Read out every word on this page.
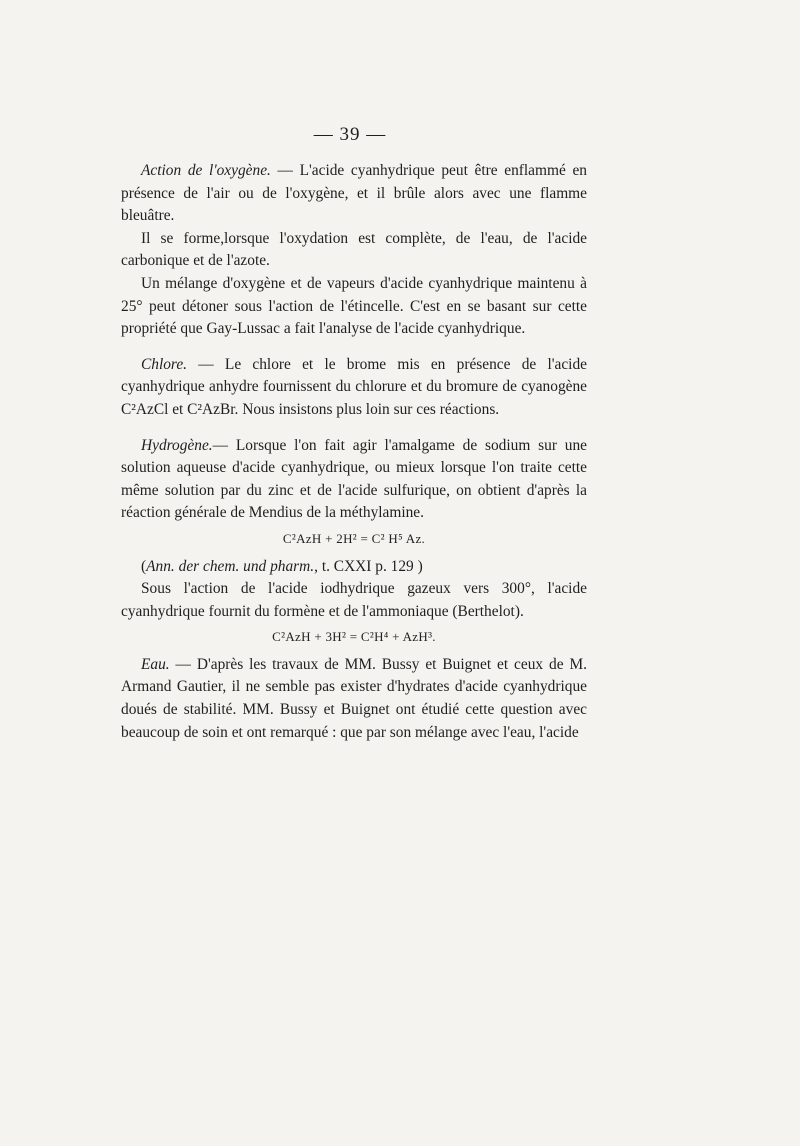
— 39 —

Action de l'oxygène. — L'acide cyanhydrique peut être enflammé en présence de l'air ou de l'oxygène, et il brûle alors avec une flamme bleuâtre.

Il se forme,lorsque l'oxydation est complète, de l'eau, de l'acide carbonique et de l'azote.

Un mélange d'oxygène et de vapeurs d'acide cyanhydrique maintenu à 25° peut détoner sous l'action de l'étincelle. C'est en se basant sur cette propriété que Gay-Lussac a fait l'analyse de l'acide cyanhydrique.

Chlore. — Le chlore et le brome mis en présence de l'acide cyanhydrique anhydre fournissent du chlorure et du bromure de cyanogène C²AzCl et C²AzBr. Nous insistons plus loin sur ces réactions.

Hydrogène.— Lorsque l'on fait agir l'amalgame de sodium sur une solution aqueuse d'acide cyanhydrique, ou mieux lorsque l'on traite cette même solution par du zinc et de l'acide sulfurique, on obtient d'après la réaction générale de Mendius de la méthylamine.

C²AzH + 2H² = C² H⁵ Az.

(Ann. der chem. und pharm., t. CXXI p. 129 )

Sous l'action de l'acide iodhydrique gazeux vers 300°, l'acide cyanhydrique fournit du formène et de l'ammoniaque (Berthelot).

C²AzH + 3H² = C²H⁴ + AzH³.

Eau. — D'après les travaux de MM. Bussy et Buignet et ceux de M. Armand Gautier, il ne semble pas exister d'hydrates d'acide cyanhydrique doués de stabilité. MM. Bussy et Buignet ont étudié cette question avec beaucoup de soin et ont remarqué : que par son mélange avec l'eau, l'acide
